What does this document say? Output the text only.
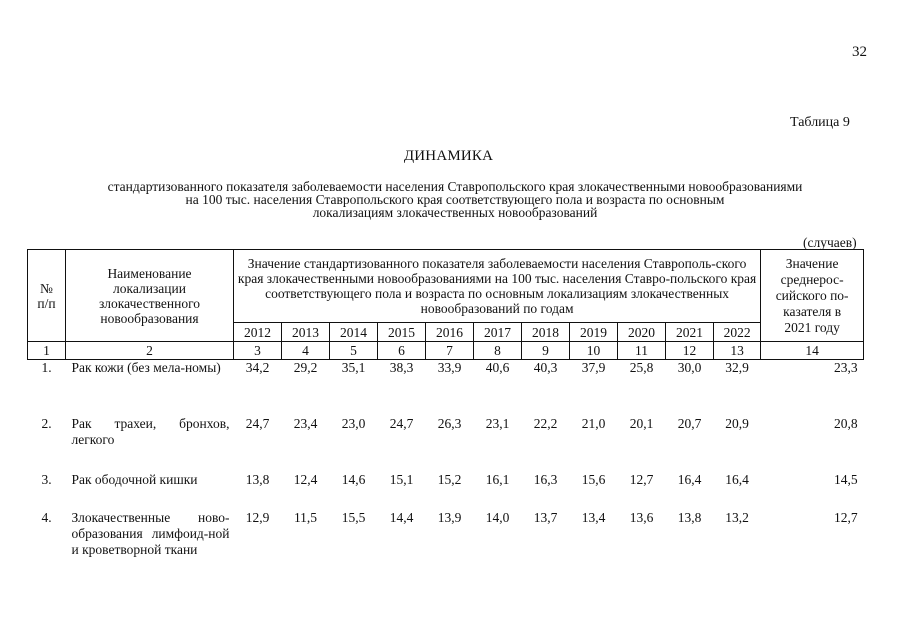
32
Таблица 9
ДИНАМИКА
стандартизованного показателя заболеваемости населения Ставропольского края злокачественными новообразованиями
на 100 тыс. населения Ставропольского края соответствующего пола и возраста по основным
локализациям злокачественных новообразований
(случаев)
№ п/п	Наименование локализации злокачественного новообразования	Значение стандартизованного показателя заболеваемости населения Ставрополь-ского края злокачественными новообразованиями на 100 тыс. населения Ставро-польского края соответствующего пола и возраста по основным локализациям злокачественных новообразований по годам											Значение среднерос-сийского по-казателя в 2021 году
		2012	2013	2014	2015	2016	2017	2018	2019	2020	2021	2022	
1	2	3	4	5	6	7	8	9	10	11	12	13	14
1.	Рак кожи (без мела-номы)	34,2	29,2	35,1	38,3	33,9	40,6	40,3	37,9	25,8	30,0	32,9	23,3
2.	Рак трахеи, бронхов, легкого	24,7	23,4	23,0	24,7	26,3	23,1	22,2	21,0	20,1	20,7	20,9	20,8
3.	Рак ободочной кишки	13,8	12,4	14,6	15,1	15,2	16,1	16,3	15,6	12,7	16,4	16,4	14,5
4.	Злокачественные ново-образования лимфоид-ной и кроветворной ткани	12,9	11,5	15,5	14,4	13,9	14,0	13,7	13,4	13,6	13,8	13,2	12,7
